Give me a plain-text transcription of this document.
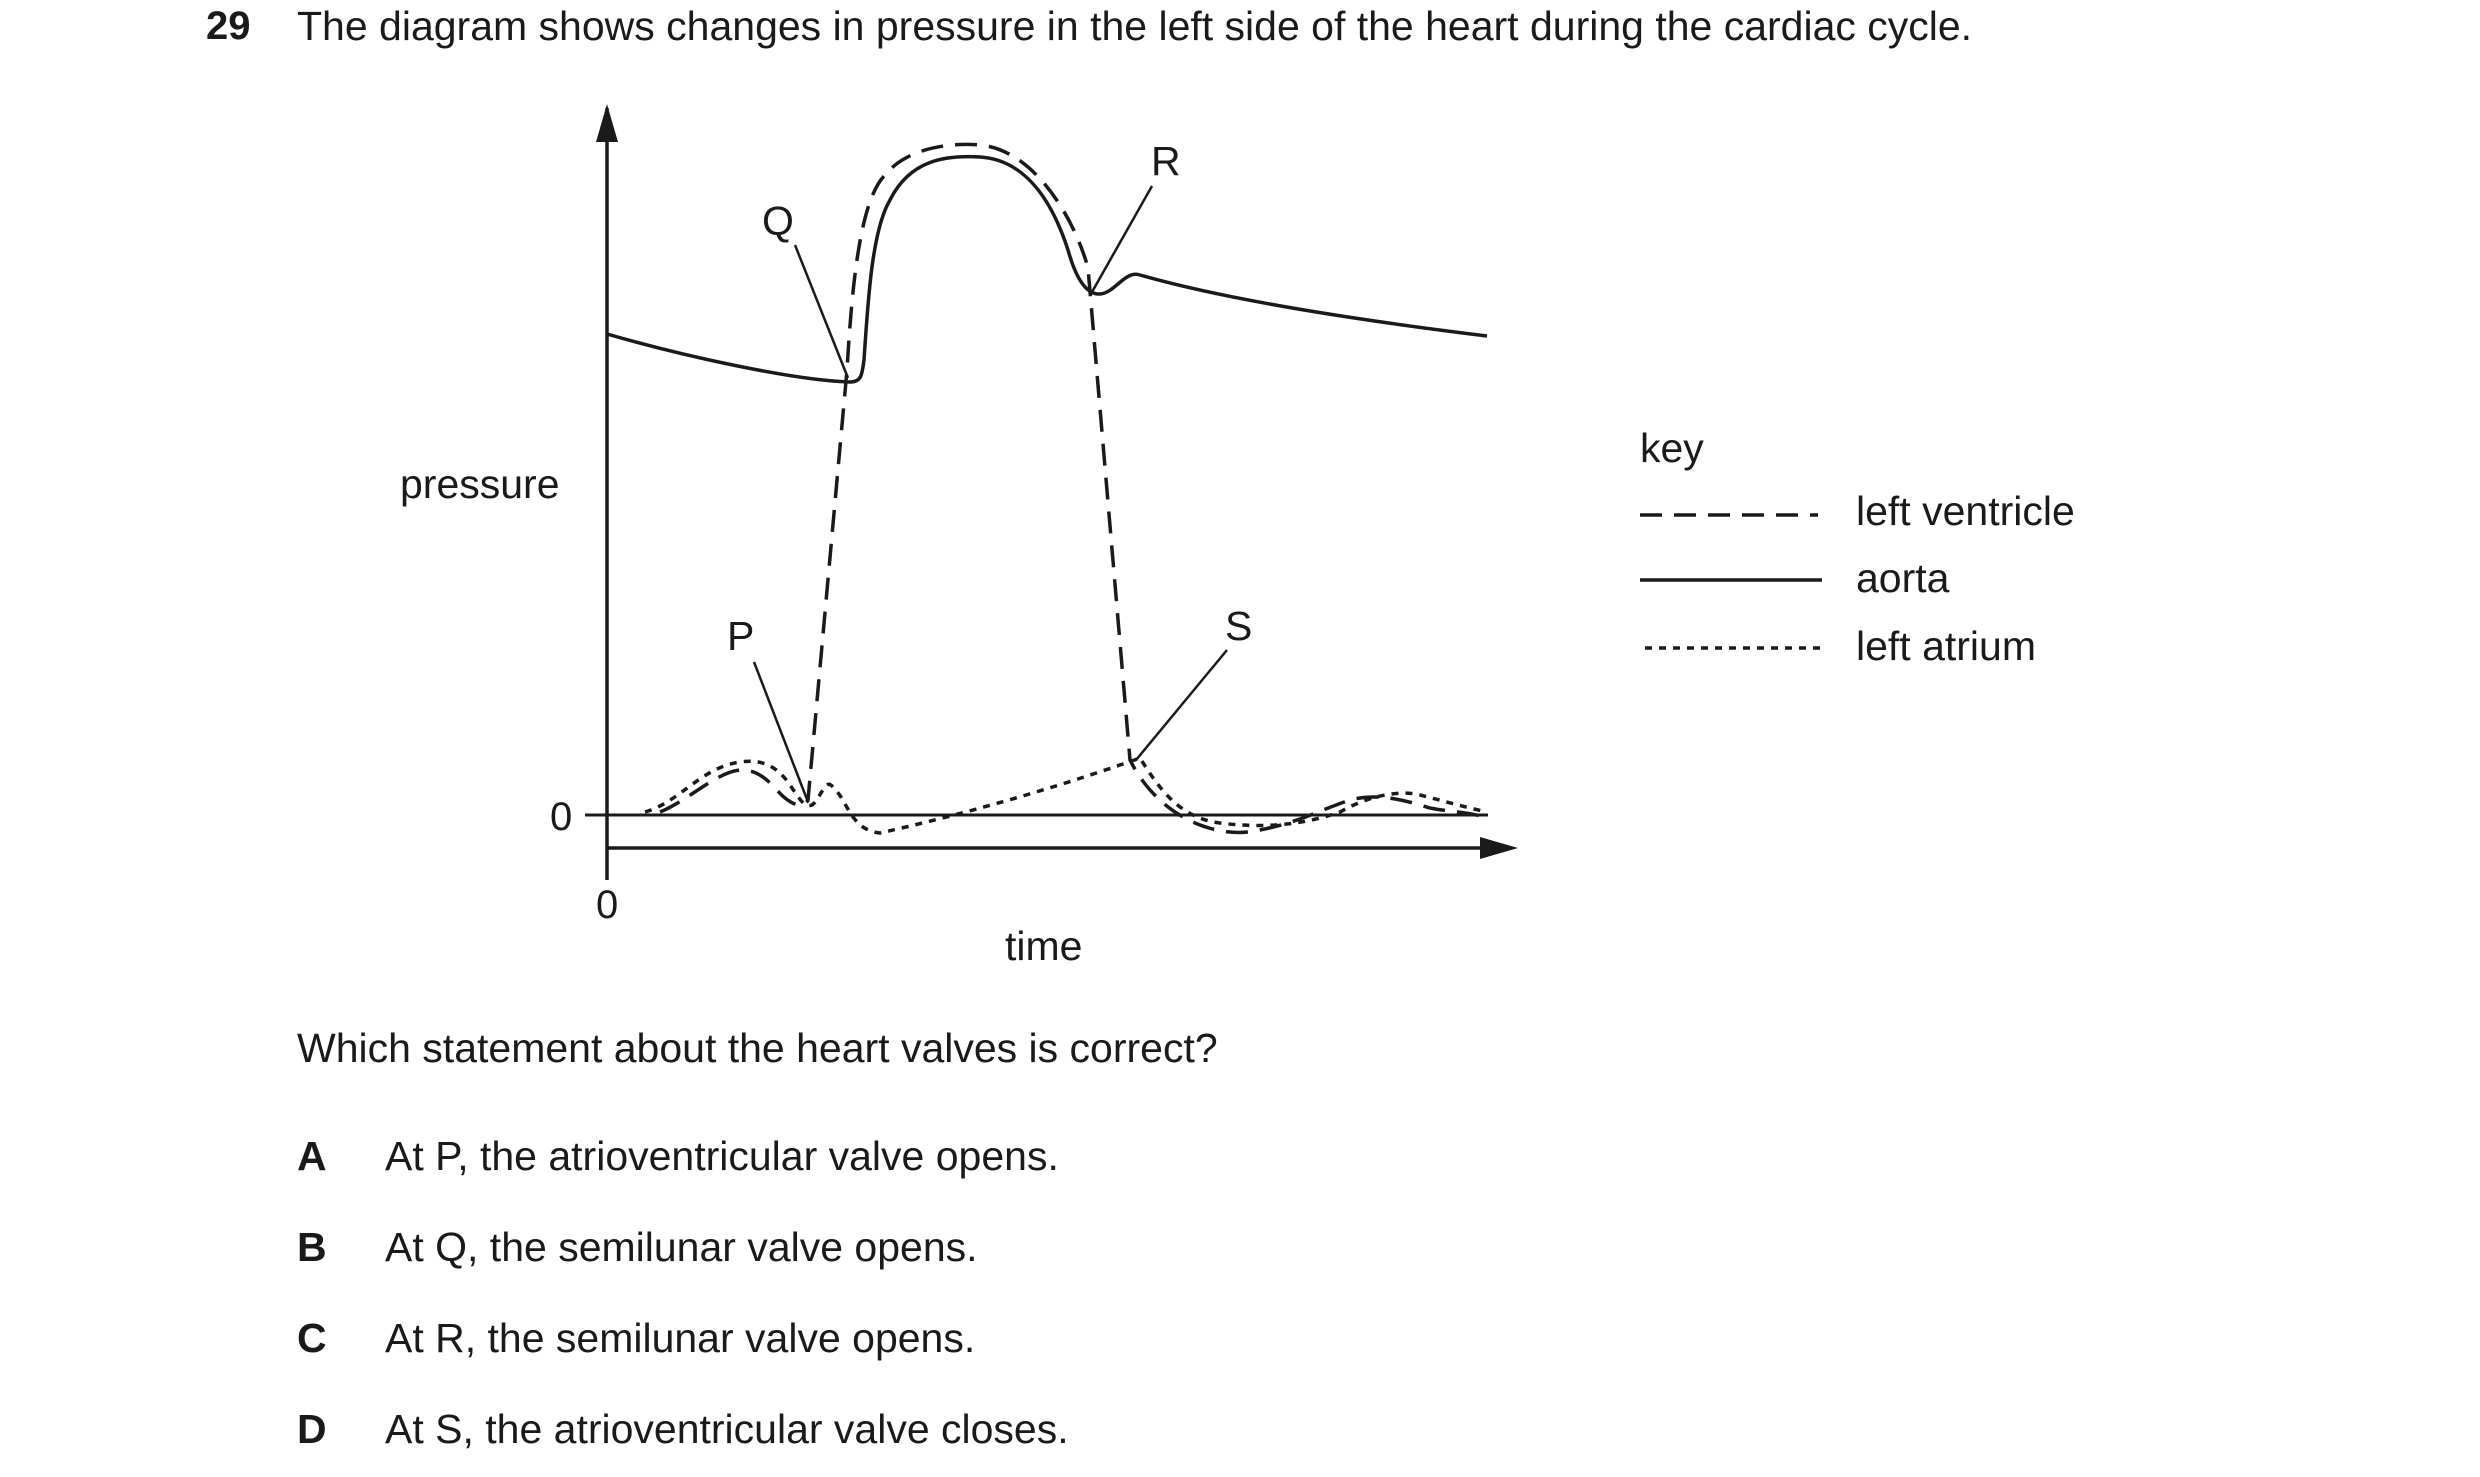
29 The diagram shows changes in pressure in the left side of the heart during the cardiac cycle.
0
0
pressure
time
P
Q
R
S
key
left ventricle
aorta
left atrium
Which statement about the heart valves is correct?
A At P, the atrioventricular valve opens.
B At Q, the semilunar valve opens.
C At R, the semilunar valve opens.
D At S, the atrioventricular valve closes.
